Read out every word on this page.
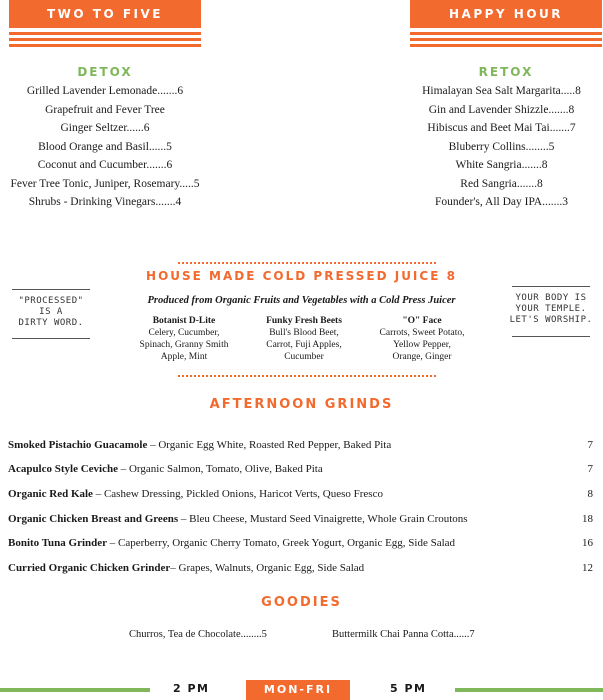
TWO TO FIVE	HAPPY HOUR
DETOX
Grilled Lavender Lemonade.......6
Grapefruit and Fever Tree
Ginger Seltzer......6
Blood Orange and Basil......5
Coconut and Cucumber.......6
Fever Tree Tonic, Juniper, Rosemary.....5
Shrubs - Drinking Vinegars.......4
RETOX
Himalayan Sea Salt Margarita.....8
Gin and Lavender Shizzle.......8
Hibiscus and Beet Mai Tai.......7
Bluberry Collins........5
White Sangria.......8
Red Sangria.......8
Founder's, All Day IPA.......3
HOUSE MADE COLD PRESSED JUICE 8
"PROCESSED"
IS A
DIRTY WORD.
YOUR BODY IS
YOUR TEMPLE.
LET'S WORSHIP.
Produced from Organic Fruits and Vegetables with a Cold Press Juicer
Botanist D-Lite
Celery, Cucumber,
Spinach, Granny Smith
Apple, Mint
Funky Fresh Beets
Bull's Blood Beet,
Carrot, Fuji Apples,
Cucumber
"O" Face
Carrots, Sweet Potato,
Yellow Pepper,
Orange, Ginger
AFTERNOON GRINDS
Smoked Pistachio Guacamole – Organic Egg White, Roasted Red Pepper, Baked Pita	7
Acapulco Style Ceviche – Organic Salmon, Tomato, Olive, Baked Pita	7
Organic Red Kale – Cashew Dressing, Pickled Onions, Haricot Verts, Queso Fresco	8
Organic Chicken Breast and Greens – Bleu Cheese, Mustard Seed Vinaigrette, Whole Grain Croutons	18
Bonito Tuna Grinder – Caperberry, Organic Cherry Tomato, Greek Yogurt, Organic Egg, Side Salad	16
Curried Organic Chicken Grinder– Grapes, Walnuts, Organic Egg, Side Salad	12
GOODIES
Churros, Tea de Chocolate........5	Buttermilk Chai Panna Cotta......7
2 PM	MON-FRI	5 PM
